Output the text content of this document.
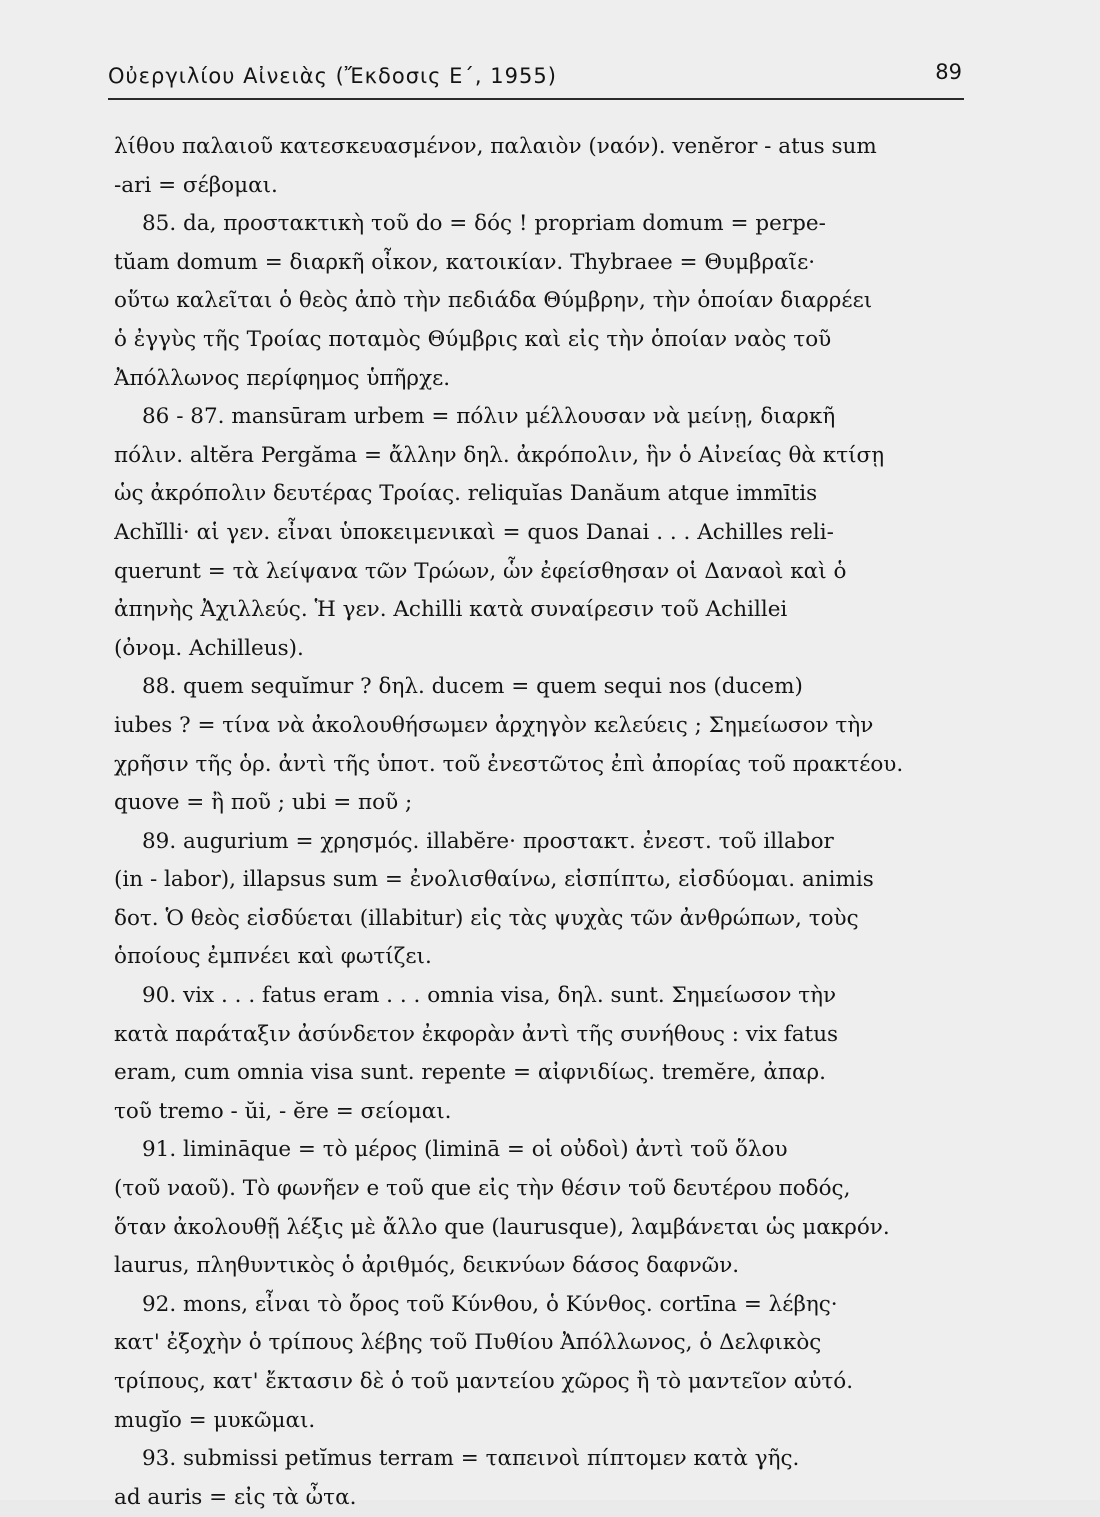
Οὐεργιλίου Αἰνειὰς (Ἔκδοσις Ε΄, 1955)	89
λίθου παλαιοῦ κατεσκευασμένον, παλαιὸν (ναόν). venĕror - atus sum
-ari = σέβομαι.
85. da, προστακτικὴ τοῦ do = δός ! propriam domum = perpe-
tŭam domum = διαρκῆ οἶκον, κατοικίαν. Thybraee = Θυμβραῖε·
οὕτω καλεῖται ὁ θεὸς ἀπὸ τὴν πεδιάδα Θύμβρην, τὴν ὁποίαν διαρρέει
ὁ ἐγγὺς τῆς Τροίας ποταμὸς Θύμβρις καὶ εἰς τὴν ὁποίαν ναὸς τοῦ
Ἀπόλλωνος περίφημος ὑπῆρχε.
86 - 87. mansūram urbem = πόλιν μέλλουσαν νὰ μείνῃ, διαρκῆ
πόλιν. altĕra Pergăma = ἄλλην δηλ. ἀκρόπολιν, ἣν ὁ Αἰνείας θὰ κτίσῃ
ὡς ἀκρόπολιν δευτέρας Τροίας. reliquĭas Danăum atque immītis
Achĭlli· αἱ γεν. εἶναι ὑποκειμενικαὶ = quos Danai . . . Achilles reli-
querunt = τὰ λείψανα τῶν Τρώων, ὧν ἐφείσθησαν οἱ Δαναοὶ καὶ ὁ
ἀπηνὴς Ἀχιλλεύς. Ἡ γεν. Achilli κατὰ συναίρεσιν τοῦ Achillei
(ὀνομ. Achilleus).
88. quem sequĭmur ? δηλ. ducem = quem sequi nos (ducem)
iubes ? = τίνα νὰ ἀκολουθήσωμεν ἀρχηγὸν κελεύεις ; Σημείωσον τὴν
χρῆσιν τῆς ὁρ. ἀντὶ τῆς ὑποτ. τοῦ ἐνεστῶτος ἐπὶ ἀπορίας τοῦ πρακτέου.
quove = ἢ ποῦ ; ubi = ποῦ ;
89. augurium = χρησμός. illabĕre· προστακτ. ἐνεστ. τοῦ illabor
(in - labor), illapsus sum = ἐνολισθαίνω, εἰσπίπτω, εἰσδύομαι. animis
δοτ. Ὁ θεὸς εἰσδύεται (illabitur) εἰς τὰς ψυχὰς τῶν ἀνθρώπων, τοὺς
ὁποίους ἐμπνέει καὶ φωτίζει.
90. vix . . . fatus eram . . . omnia visa, δηλ. sunt. Σημείωσον τὴν
κατὰ παράταξιν ἀσύνδετον ἐκφορὰν ἀντὶ τῆς συνήθους : vix fatus
eram, cum omnia visa sunt. repente = αἰφνιδίως. tremĕre, ἀπαρ.
τοῦ tremo - ŭi, - ĕre = σείομαι.
91. limināque = τὸ μέρος (liminā = οἱ οὐδοὶ) ἀντὶ τοῦ ὅλου
(τοῦ ναοῦ). Τὸ φωνῆεν e τοῦ que εἰς τὴν θέσιν τοῦ δευτέρου ποδός,
ὅταν ἀκολουθῇ λέξις μὲ ἄλλο que (laurusque), λαμβάνεται ὡς μακρόν.
laurus, πληθυντικὸς ὁ ἀριθμός, δεικνύων δάσος δαφνῶν.
92. mons, εἶναι τὸ ὄρος τοῦ Κύνθου, ὁ Κύνθος. cortīna = λέβης·
κατ' ἐξοχὴν ὁ τρίπους λέβης τοῦ Πυθίου Ἀπόλλωνος, ὁ Δελφικὸς
τρίπους, κατ' ἔκτασιν δὲ ὁ τοῦ μαντείου χῶρος ἢ τὸ μαντεῖον αὐτό.
mugĭo = μυκῶμαι.
93. submissi petĭmus terram = ταπεινοὶ πίπτομεν κατὰ γῆς.
ad auris = εἰς τὰ ὦτα.
